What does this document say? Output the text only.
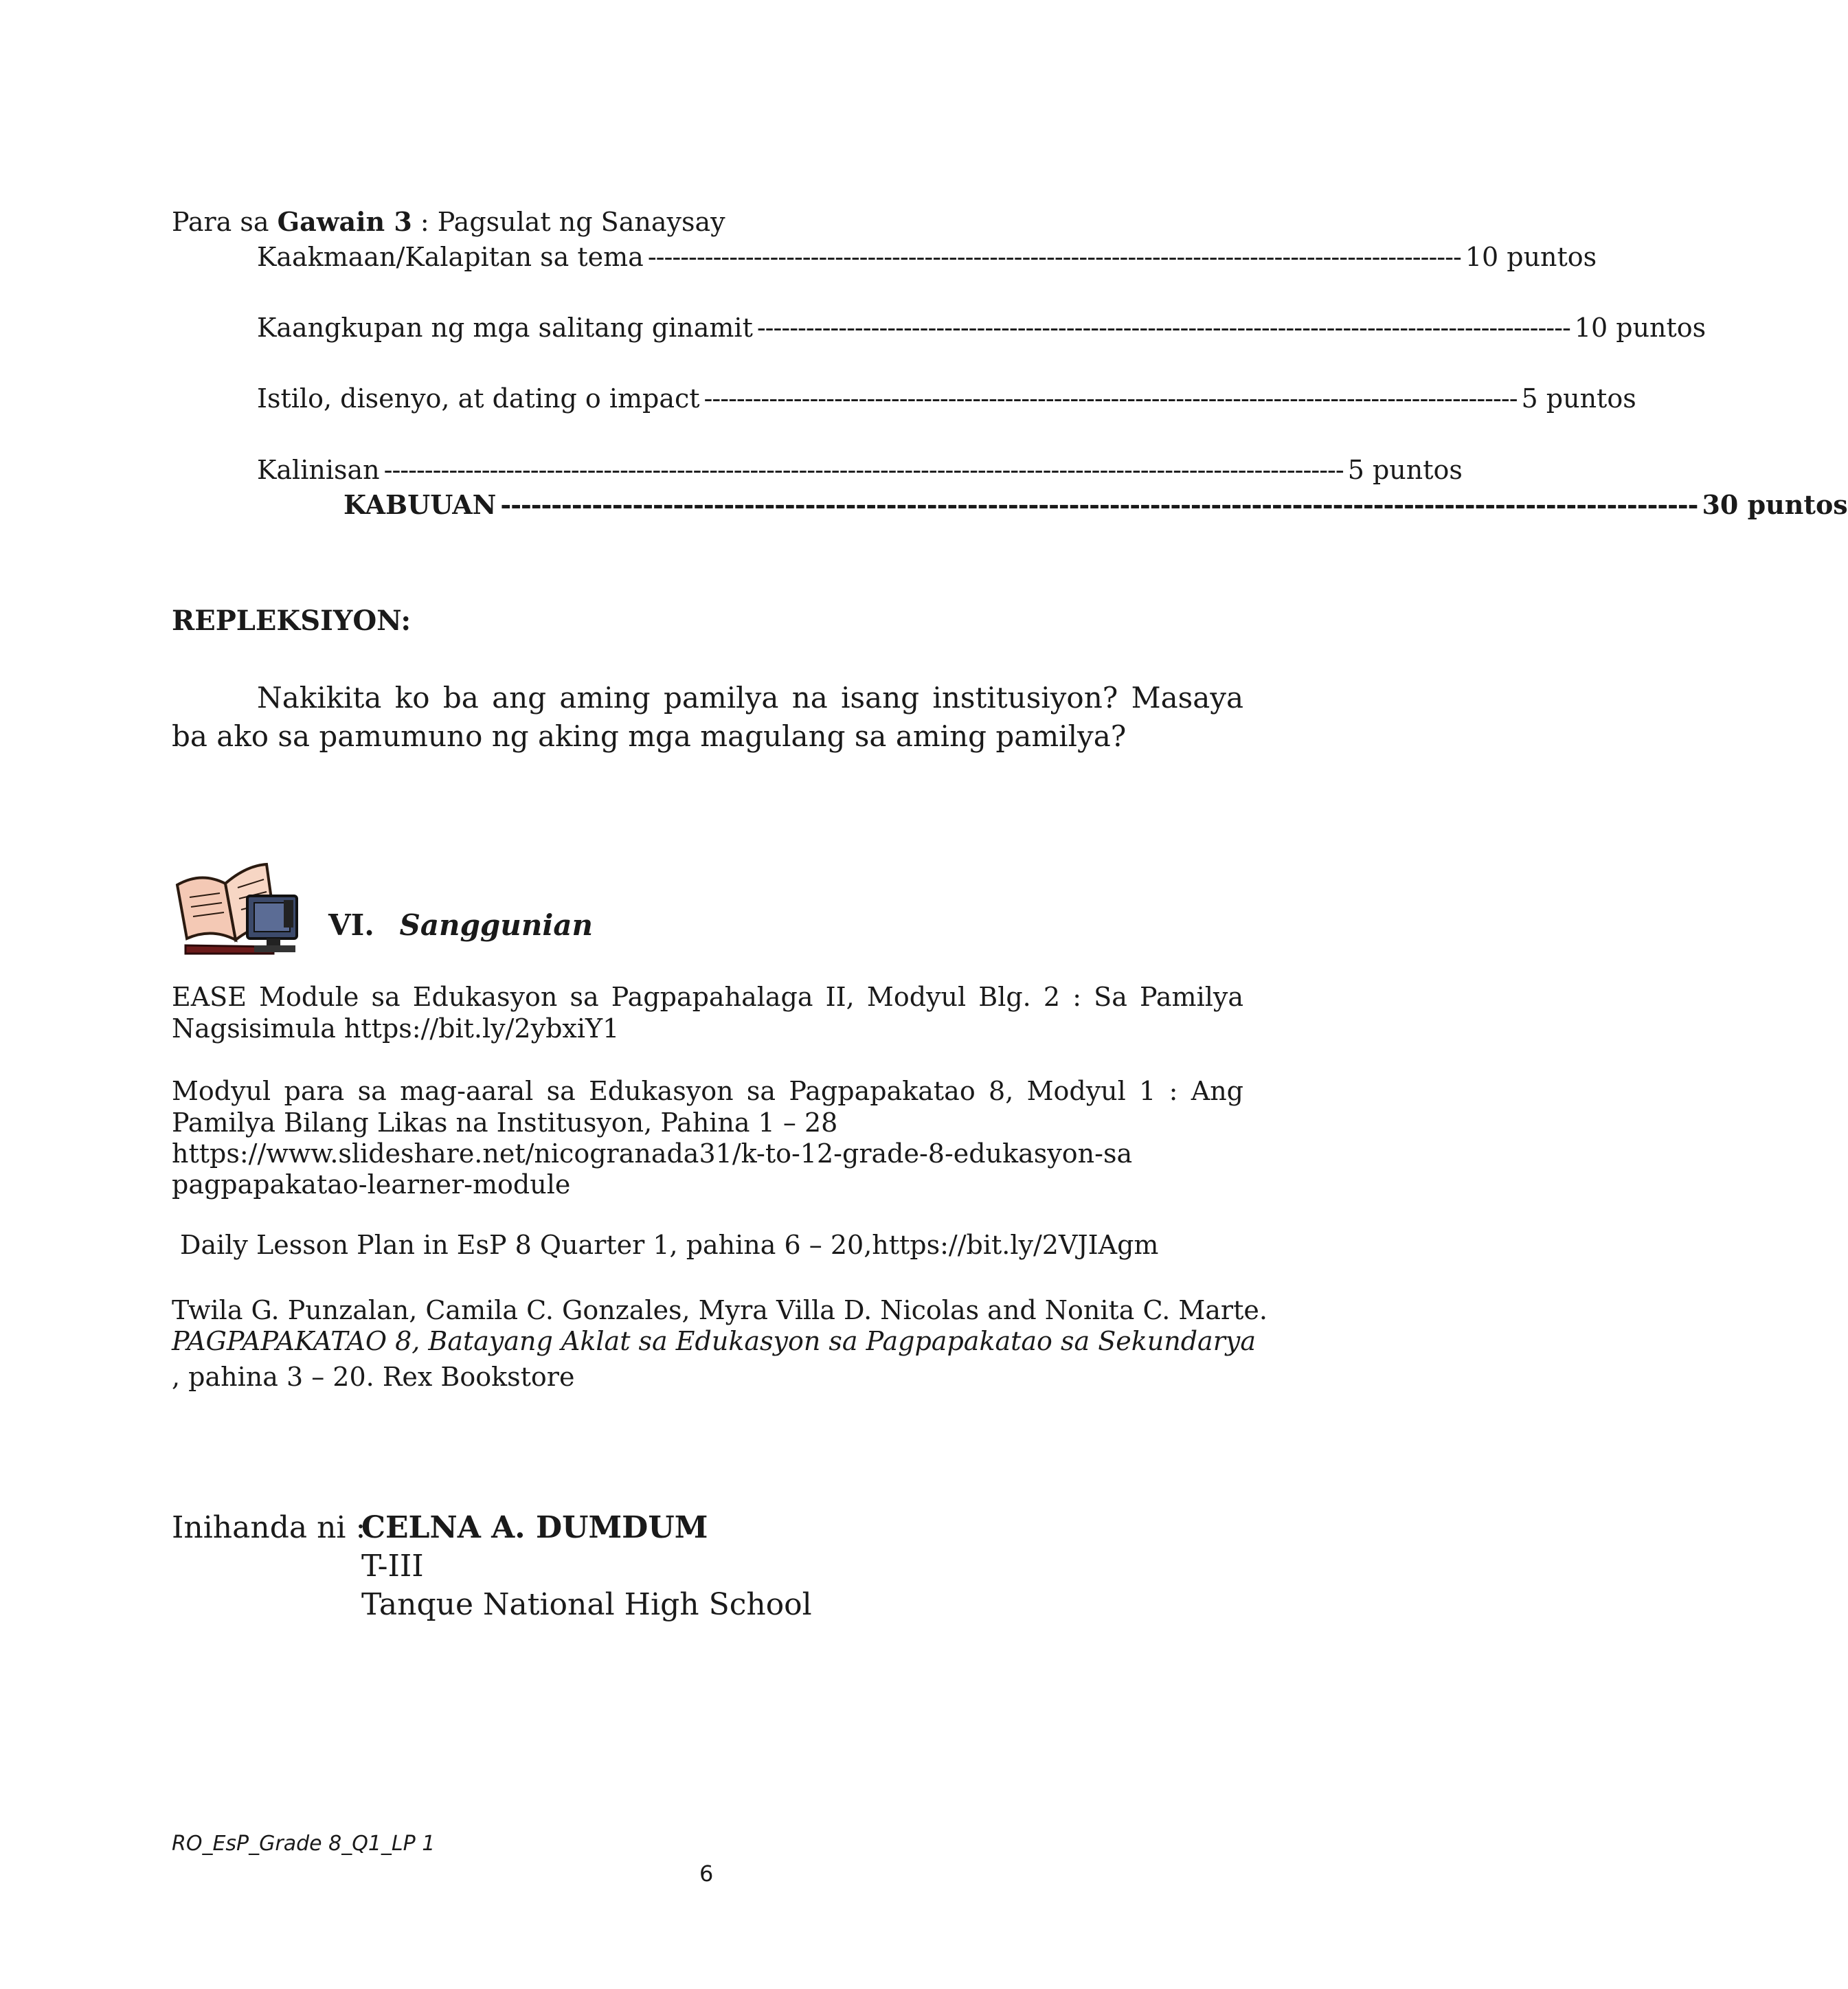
Para sa Gawain 3 : Pagsulat ng Sanaysay
Kaakmaan/Kalapitan sa tema ---------------------------------------------------------------------------------------------------- 10 puntos
Kaangkupan ng mga salitang ginamit ---------------------------------------------------------------------------------------------------- 10 puntos
Istilo, disenyo, at dating o impact ---------------------------------------------------------------------------------------------------- 5 puntos
Kalinisan ---------------------------------------------------------------------------------------------------------------------- 5 puntos
KABUUAN ---------------------------------------------------------------------------------------------------------------------- 30 puntos
REPLEKSIYON:

Nakikita ko ba ang aming pamilya na isang institusiyon? Masaya ba ako sa pamumuno ng aking mga magulang sa aming pamilya?

VI. Sanggunian

EASE Module sa Edukasyon sa Pagpapahalaga II, Modyul Blg. 2 : Sa Pamilya Nagsisimula https://bit.ly/2ybxiY1

Modyul para sa mag-aaral sa Edukasyon sa Pagpapakatao 8, Modyul 1 : Ang Pamilya Bilang Likas na Institusyon, Pahina 1 – 28

https://www.slideshare.net/nicogranada31/k-to-12-grade-8-edukasyon-sa
pagpapakatao-learner-module
Daily Lesson Plan in EsP 8 Quarter 1, pahina 6 – 20,https://bit.ly/2VJIAgm
Twila G. Punzalan, Camila C. Gonzales, Myra Villa D. Nicolas and Nonita C. Marte.
PAGPAPAKATAO 8, Batayang Aklat sa Edukasyon sa Pagpapakatao sa Sekundarya
, pahina 3 – 20. Rex Bookstore
Inihanda ni :
CELNA A. DUMDUM
T-III
Tanque National High School
RO_EsP_Grade 8_Q1_LP 1
6
